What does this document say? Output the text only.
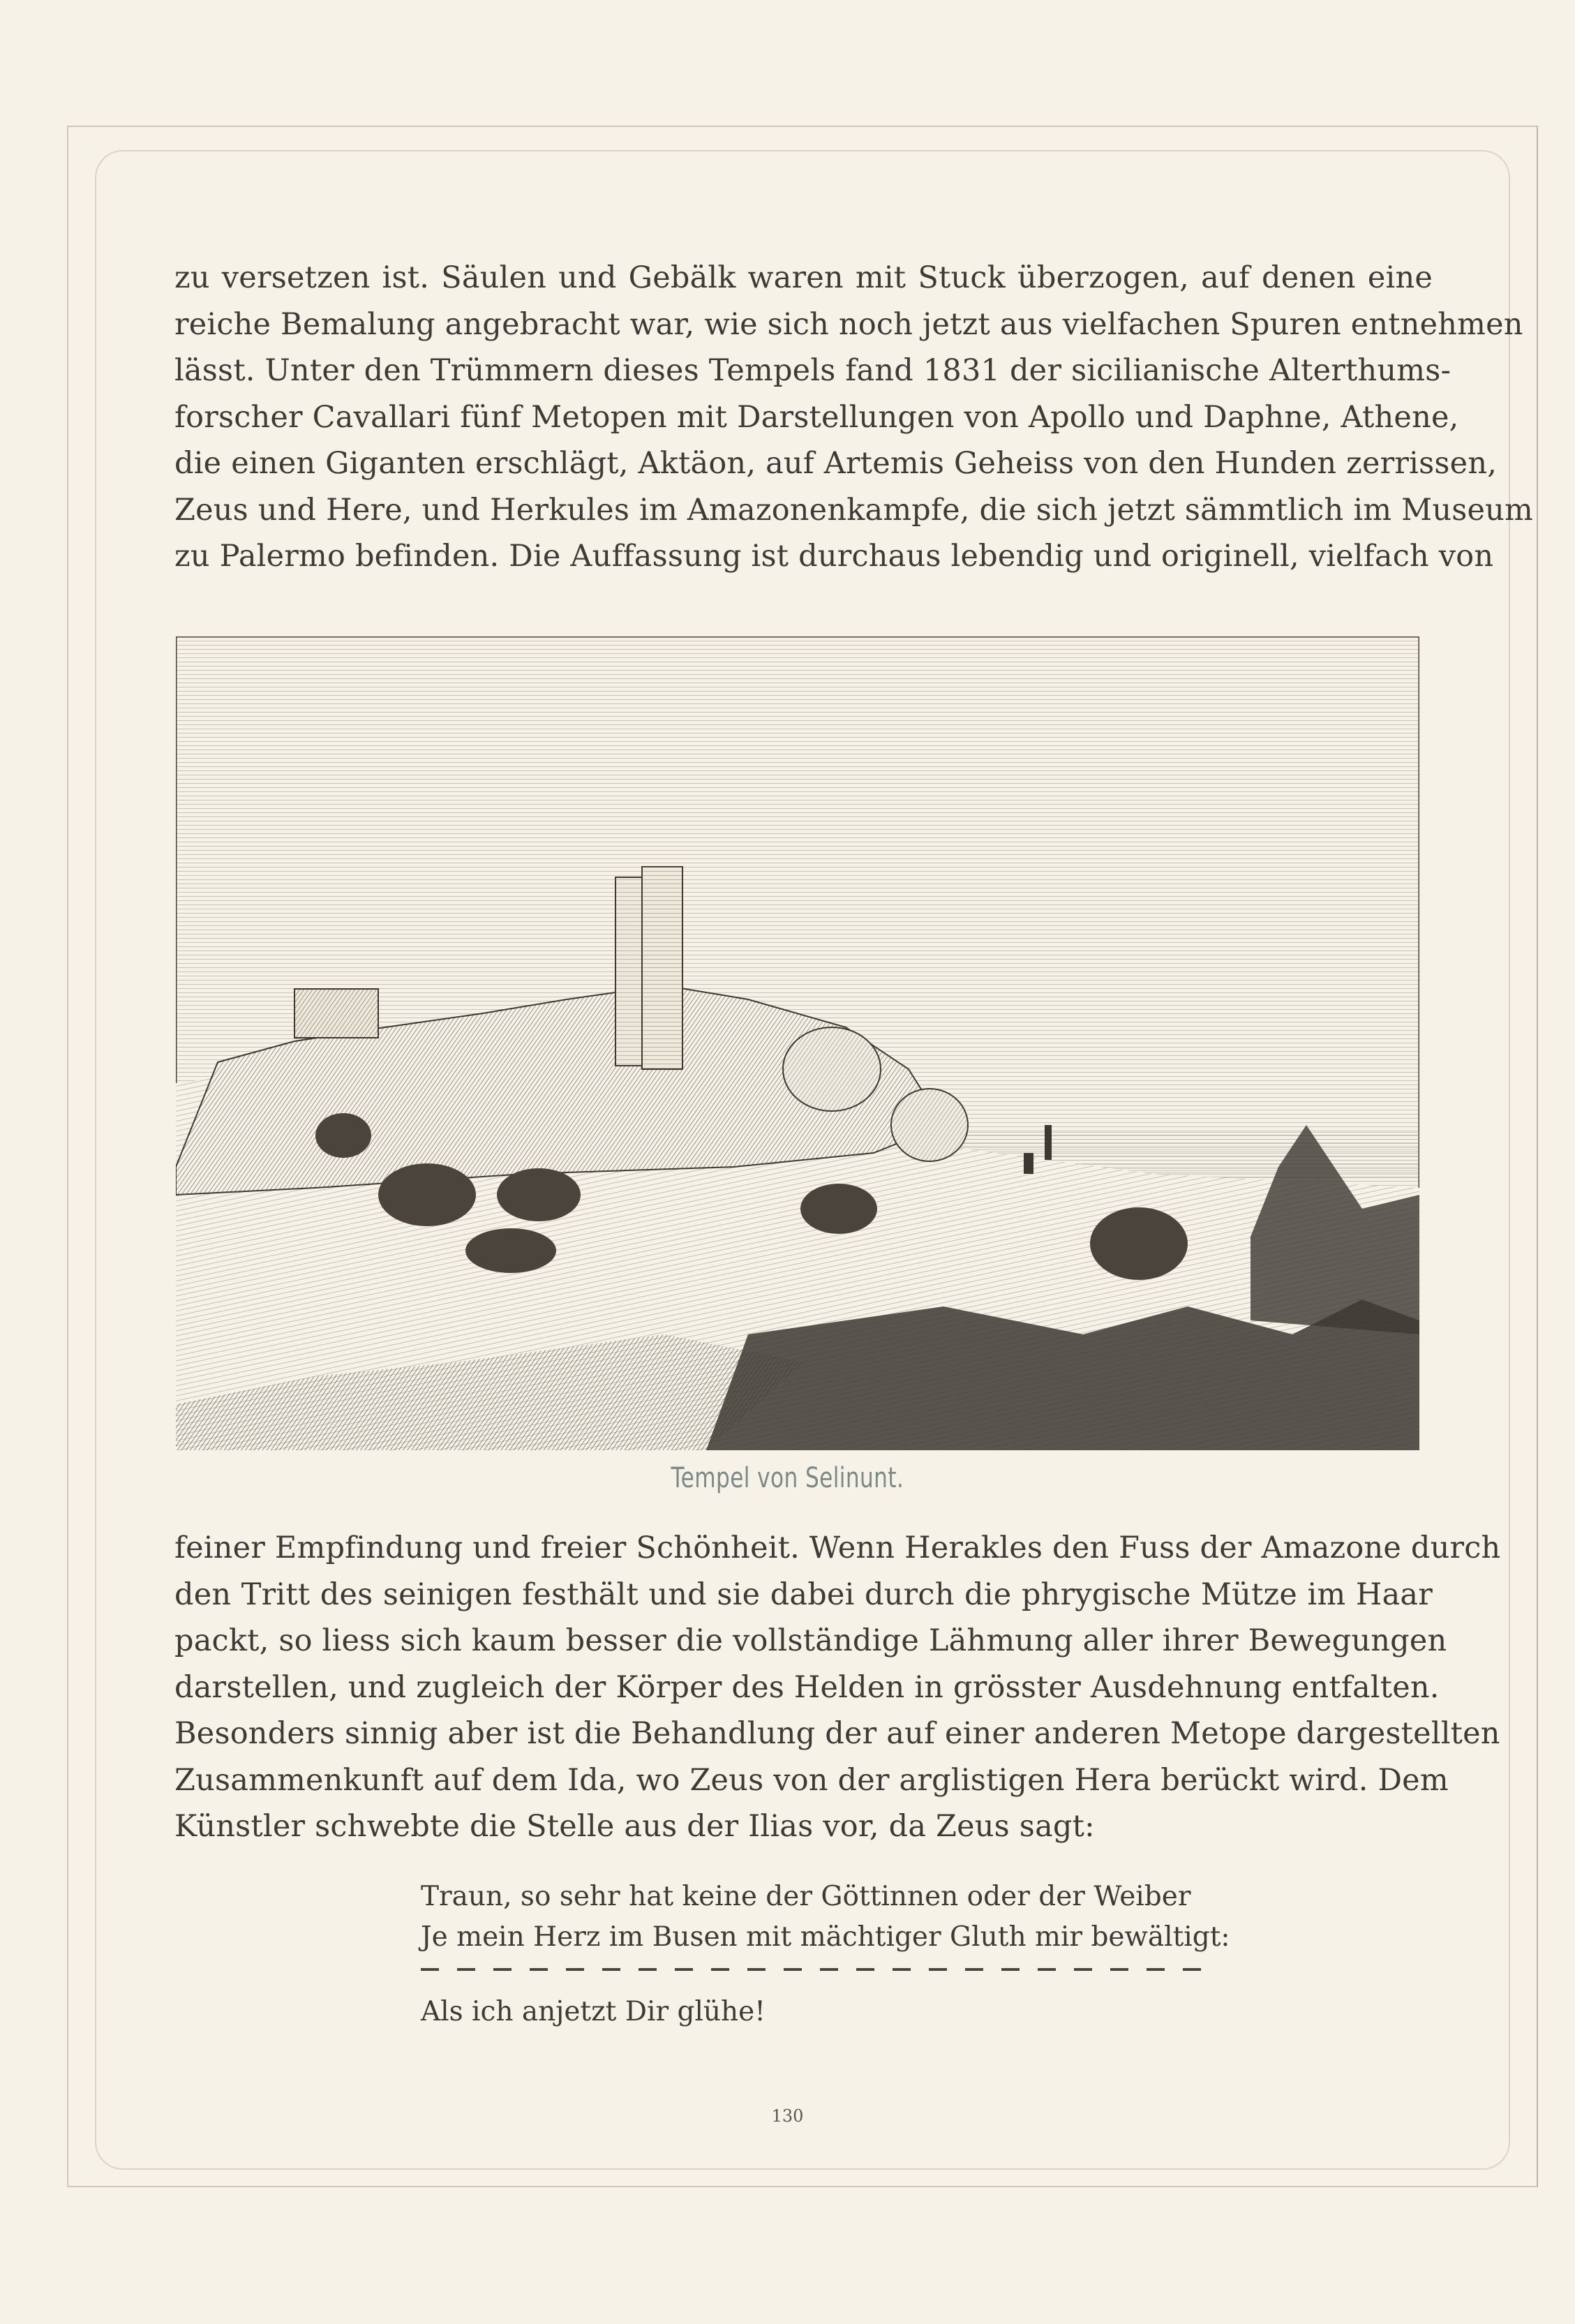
zu versetzen ist. Säulen und Gebälk waren mit Stuck überzogen, auf denen eine
reiche Bemalung angebracht war, wie sich noch jetzt aus vielfachen Spuren entnehmen
lässt. Unter den Trümmern dieses Tempels fand 1831 der sicilianische Alterthums-
forscher Cavallari fünf Metopen mit Darstellungen von Apollo und Daphne, Athene,
die einen Giganten erschlägt, Aktäon, auf Artemis Geheiss von den Hunden zerrissen,
Zeus und Here, und Herkules im Amazonenkampfe, die sich jetzt sämmtlich im Museum
zu Palermo befinden. Die Auffassung ist durchaus lebendig und originell, vielfach von
Tempel von Selinunt.
feiner Empfindung und freier Schönheit. Wenn Herakles den Fuss der Amazone durch
den Tritt des seinigen festhält und sie dabei durch die phrygische Mütze im Haar
packt, so liess sich kaum besser die vollständige Lähmung aller ihrer Bewegungen
darstellen, und zugleich der Körper des Helden in grösster Ausdehnung entfalten.
Besonders sinnig aber ist die Behandlung der auf einer anderen Metope dargestellten
Zusammenkunft auf dem Ida, wo Zeus von der arglistigen Hera berückt wird. Dem
Künstler schwebte die Stelle aus der Ilias vor, da Zeus sagt:
Traun, so sehr hat keine der Göttinnen oder der Weiber
Je mein Herz im Busen mit mächtiger Gluth mir bewältigt:
Als ich anjetzt Dir glühe!
130
